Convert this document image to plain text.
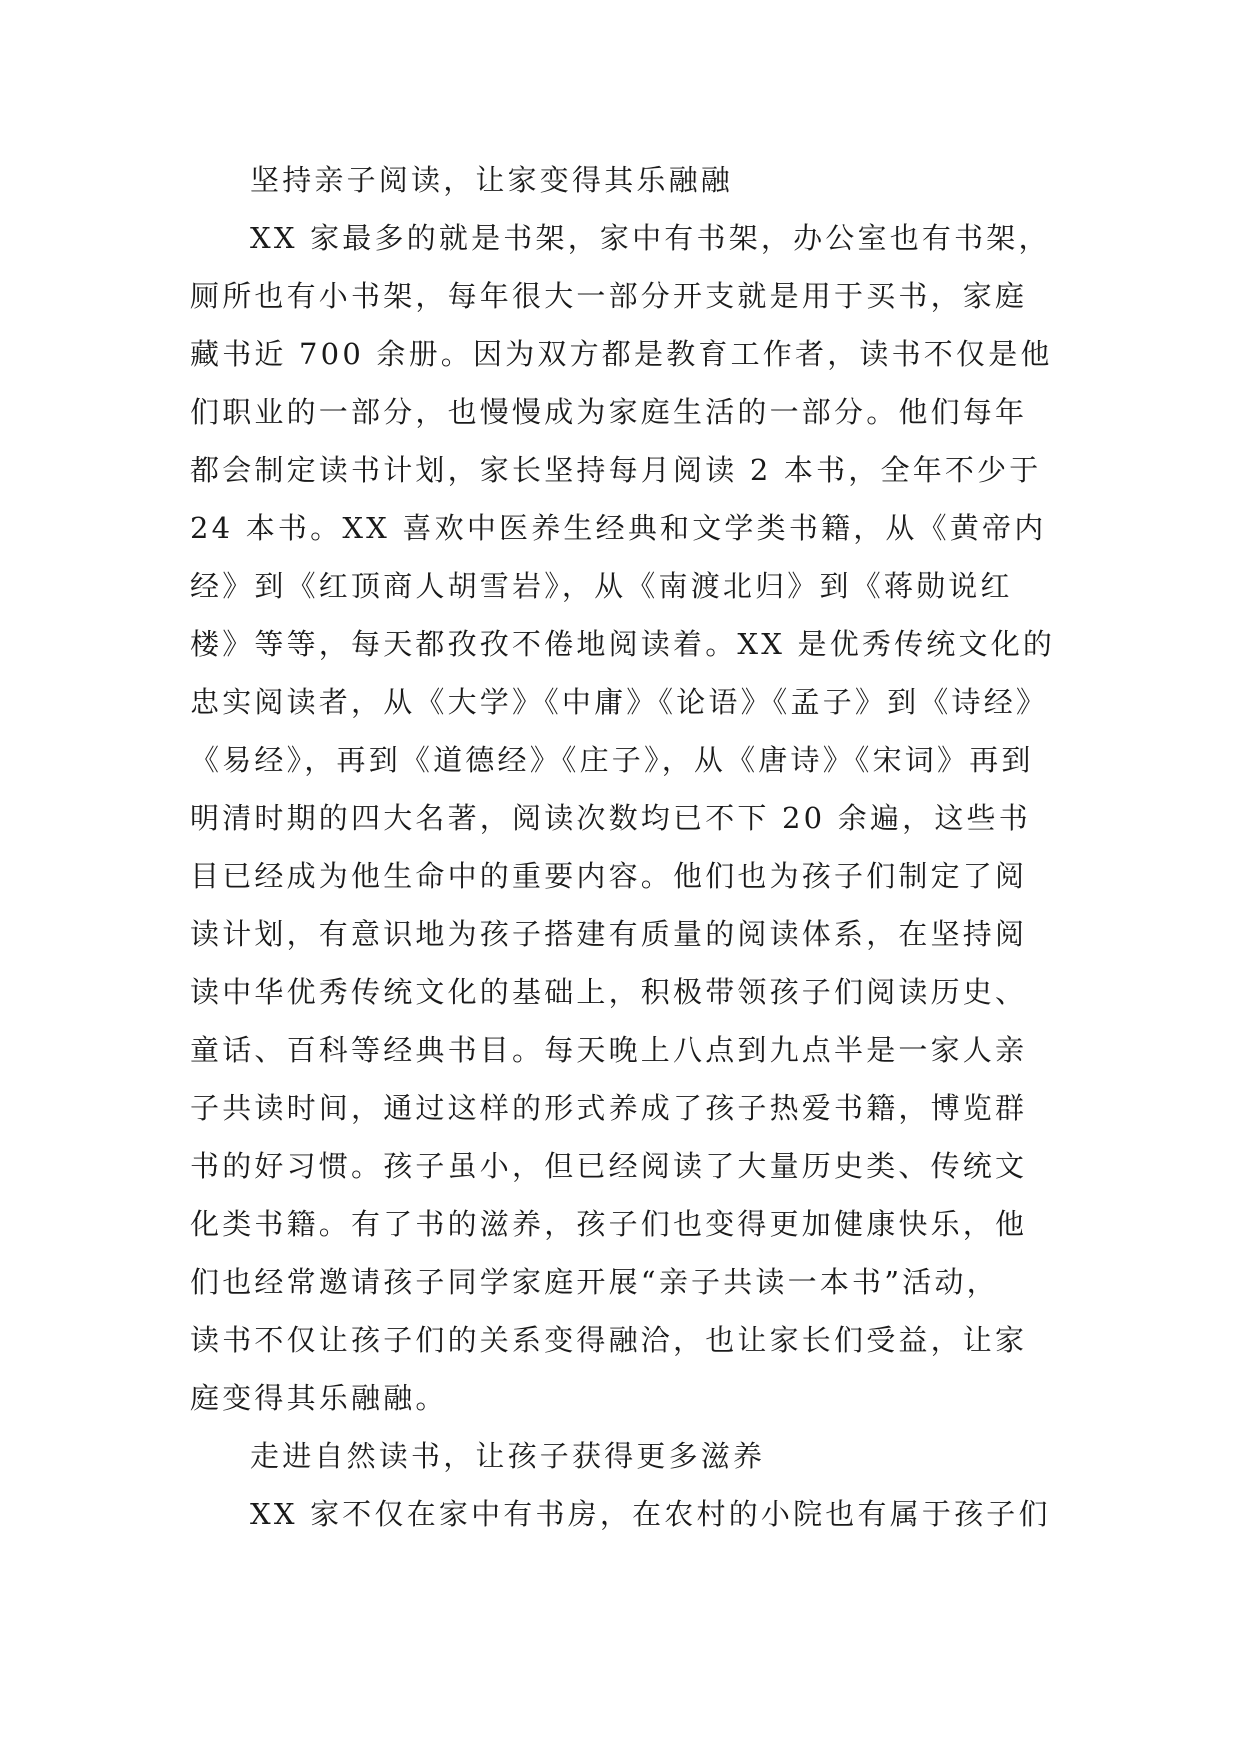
坚持亲子阅读，让家变得其乐融融
XX 家最多的就是书架，家中有书架，办公室也有书架，
厕所也有小书架，每年很大一部分开支就是用于买书，家庭
藏书近 700 余册。因为双方都是教育工作者，读书不仅是他
们职业的一部分，也慢慢成为家庭生活的一部分。他们每年
都会制定读书计划，家长坚持每月阅读 2 本书，全年不少于
24 本书。XX 喜欢中医养生经典和文学类书籍，从《黄帝内
经》到《红顶商人胡雪岩》，从《南渡北归》到《蒋勋说红
楼》等等，每天都孜孜不倦地阅读着。XX 是优秀传统文化的
忠实阅读者，从《大学》《中庸》《论语》《孟子》到《诗经》
《易经》，再到《道德经》《庄子》，从《唐诗》《宋词》再到
明清时期的四大名著，阅读次数均已不下 20 余遍，这些书
目已经成为他生命中的重要内容。他们也为孩子们制定了阅
读计划，有意识地为孩子搭建有质量的阅读体系，在坚持阅
读中华优秀传统文化的基础上，积极带领孩子们阅读历史、
童话、百科等经典书目。每天晚上八点到九点半是一家人亲
子共读时间，通过这样的形式养成了孩子热爱书籍，博览群
书的好习惯。孩子虽小，但已经阅读了大量历史类、传统文
化类书籍。有了书的滋养，孩子们也变得更加健康快乐，他
们也经常邀请孩子同学家庭开展“亲子共读一本书”活动，
读书不仅让孩子们的关系变得融洽，也让家长们受益，让家
庭变得其乐融融。
走进自然读书，让孩子获得更多滋养
XX 家不仅在家中有书房，在农村的小院也有属于孩子们
